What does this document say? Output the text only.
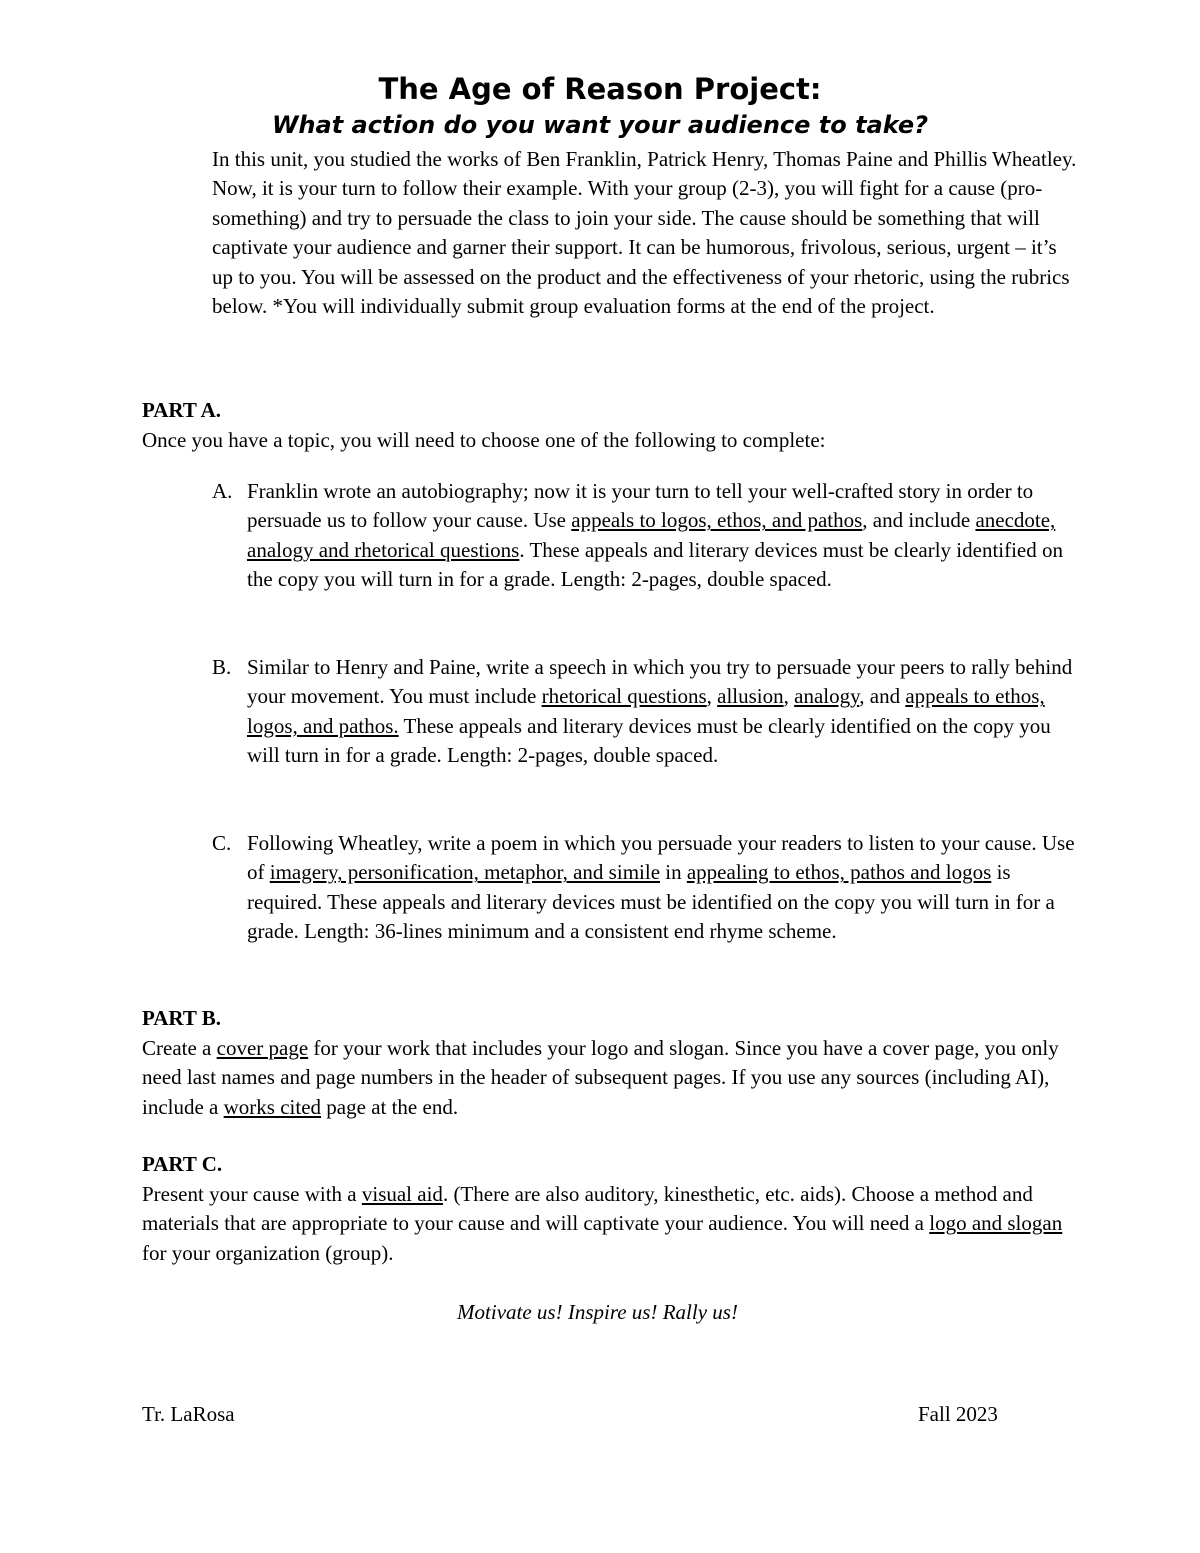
The Age of Reason Project:
What action do you want your audience to take?

In this unit, you studied the works of Ben Franklin, Patrick Henry, Thomas Paine and Phillis Wheatley. Now, it is your turn to follow their example. With your group (2-3), you will fight for a cause (pro-something) and try to persuade the class to join your side. The cause should be something that will captivate your audience and garner their support. It can be humorous, frivolous, serious, urgent – it’s up to you. You will be assessed on the product and the effectiveness of your rhetoric, using the rubrics below. *You will individually submit group evaluation forms at the end of the project.

PART A.

Once you have a topic, you will need to choose one of the following to complete:

A. Franklin wrote an autobiography; now it is your turn to tell your well-crafted story in order to persuade us to follow your cause. Use appeals to logos, ethos, and pathos, and include anecdote, analogy and rhetorical questions. These appeals and literary devices must be clearly identified on the copy you will turn in for a grade. Length: 2-pages, double spaced.
B. Similar to Henry and Paine, write a speech in which you try to persuade your peers to rally behind your movement. You must include rhetorical questions, allusion, analogy, and appeals to ethos, logos, and pathos. These appeals and literary devices must be clearly identified on the copy you will turn in for a grade. Length: 2-pages, double spaced.
C. Following Wheatley, write a poem in which you persuade your readers to listen to your cause. Use of imagery, personification, metaphor, and simile in appealing to ethos, pathos and logos is required. These appeals and literary devices must be identified on the copy you will turn in for a grade. Length: 36-lines minimum and a consistent end rhyme scheme.
PART B.

Create a cover page for your work that includes your logo and slogan. Since you have a cover page, you only need last names and page numbers in the header of subsequent pages. If you use any sources (including AI), include a works cited page at the end.

PART C.

Present your cause with a visual aid. (There are also auditory, kinesthetic, etc. aids). Choose a method and materials that are appropriate to your cause and will captivate your audience. You will need a logo and slogan for your organization (group).

Motivate us! Inspire us! Rally us!

Tr. LaRosa	Fall 2023
